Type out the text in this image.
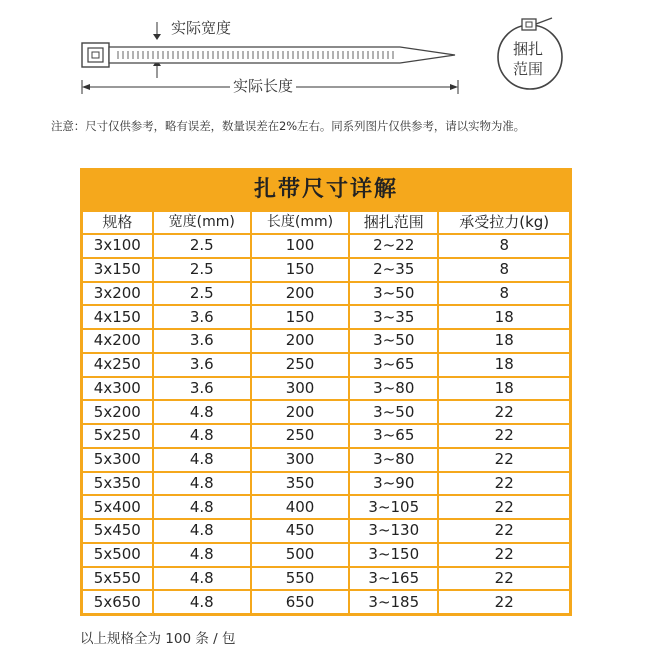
实际宽度
实际长度
捆扎
范围
注意：尺寸仅供参考，略有误差，数量误差在2%左右。同系列图片仅供参考，请以实物为准。
扎带尺寸详解
规格	宽度(mm)	长度(mm)	捆扎范围	承受拉力(kg)
3x100	2.5	100	2~22	8
3x150	2.5	150	2~35	8
3x200	2.5	200	3~50	8
4x150	3.6	150	3~35	18
4x200	3.6	200	3~50	18
4x250	3.6	250	3~65	18
4x300	3.6	300	3~80	18
5x200	4.8	200	3~50	22
5x250	4.8	250	3~65	22
5x300	4.8	300	3~80	22
5x350	4.8	350	3~90	22
5x400	4.8	400	3~105	22
5x450	4.8	450	3~130	22
5x500	4.8	500	3~150	22
5x550	4.8	550	3~165	22
5x650	4.8	650	3~185	22
以上规格全为 100 条 / 包
